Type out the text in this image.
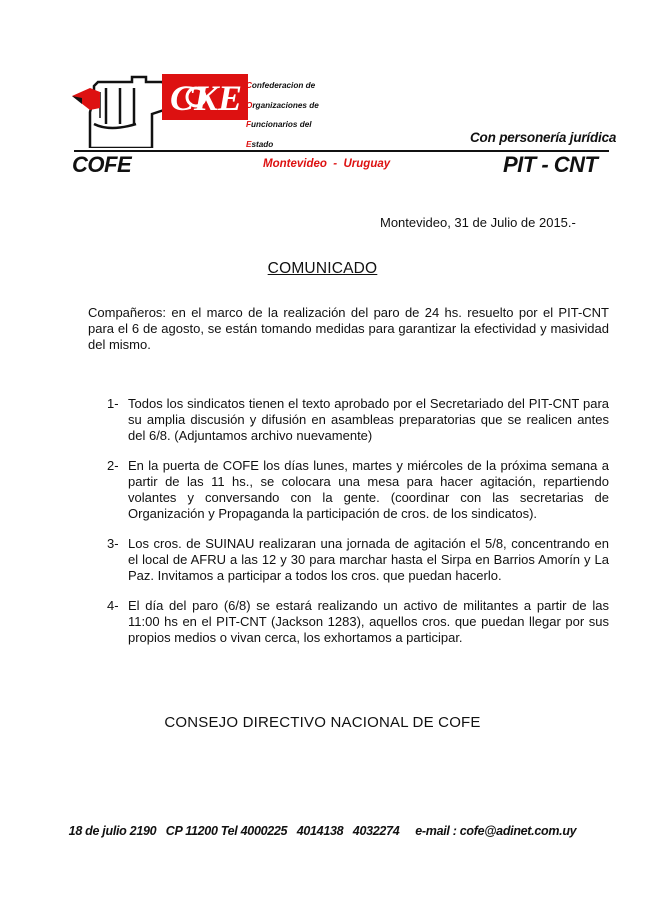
CKE Confederacion de
Organizaciones de
Funcionarios del
Estado	Con personería jurídica
COFE	Montevideo  -  Uruguay	PIT - CNT
Montevideo, 31 de Julio de 2015.-
COMUNICADO
Compañeros: en el marco de la realización del paro de 24 hs. resuelto por el PIT-CNT para el 6 de agosto, se están tomando medidas para garantizar la efectividad y masividad del mismo.
1- Todos los sindicatos tienen el texto aprobado por el Secretariado del PIT-CNT para su amplia discusión y difusión en asambleas preparatorias que se realicen antes del 6/8. (Adjuntamos archivo nuevamente)
2- En la puerta de COFE los días lunes, martes y miércoles de la próxima semana a partir de las 11 hs., se colocara una mesa para hacer agitación, repartiendo volantes y conversando con la gente. (coordinar con las secretarias de Organización y Propaganda la participación de cros. de los sindicatos).
3- Los cros. de SUINAU realizaran una jornada de agitación el 5/8, concentrando en el local de AFRU a las 12 y 30 para marchar hasta el Sirpa en Barrios Amorín y La Paz. Invitamos a participar a todos los cros. que puedan hacerlo.
4- El día del paro (6/8) se estará realizando un activo de militantes a partir de las 11:00 hs en el PIT-CNT (Jackson 1283), aquellos cros. que puedan llegar por sus propios medios o vivan cerca, los exhortamos a participar.
CONSEJO DIRECTIVO NACIONAL DE COFE
18 de julio 2190   CP 11200 Tel 4000225   4014138   4032274     e-mail : cofe@adinet.com.uy
